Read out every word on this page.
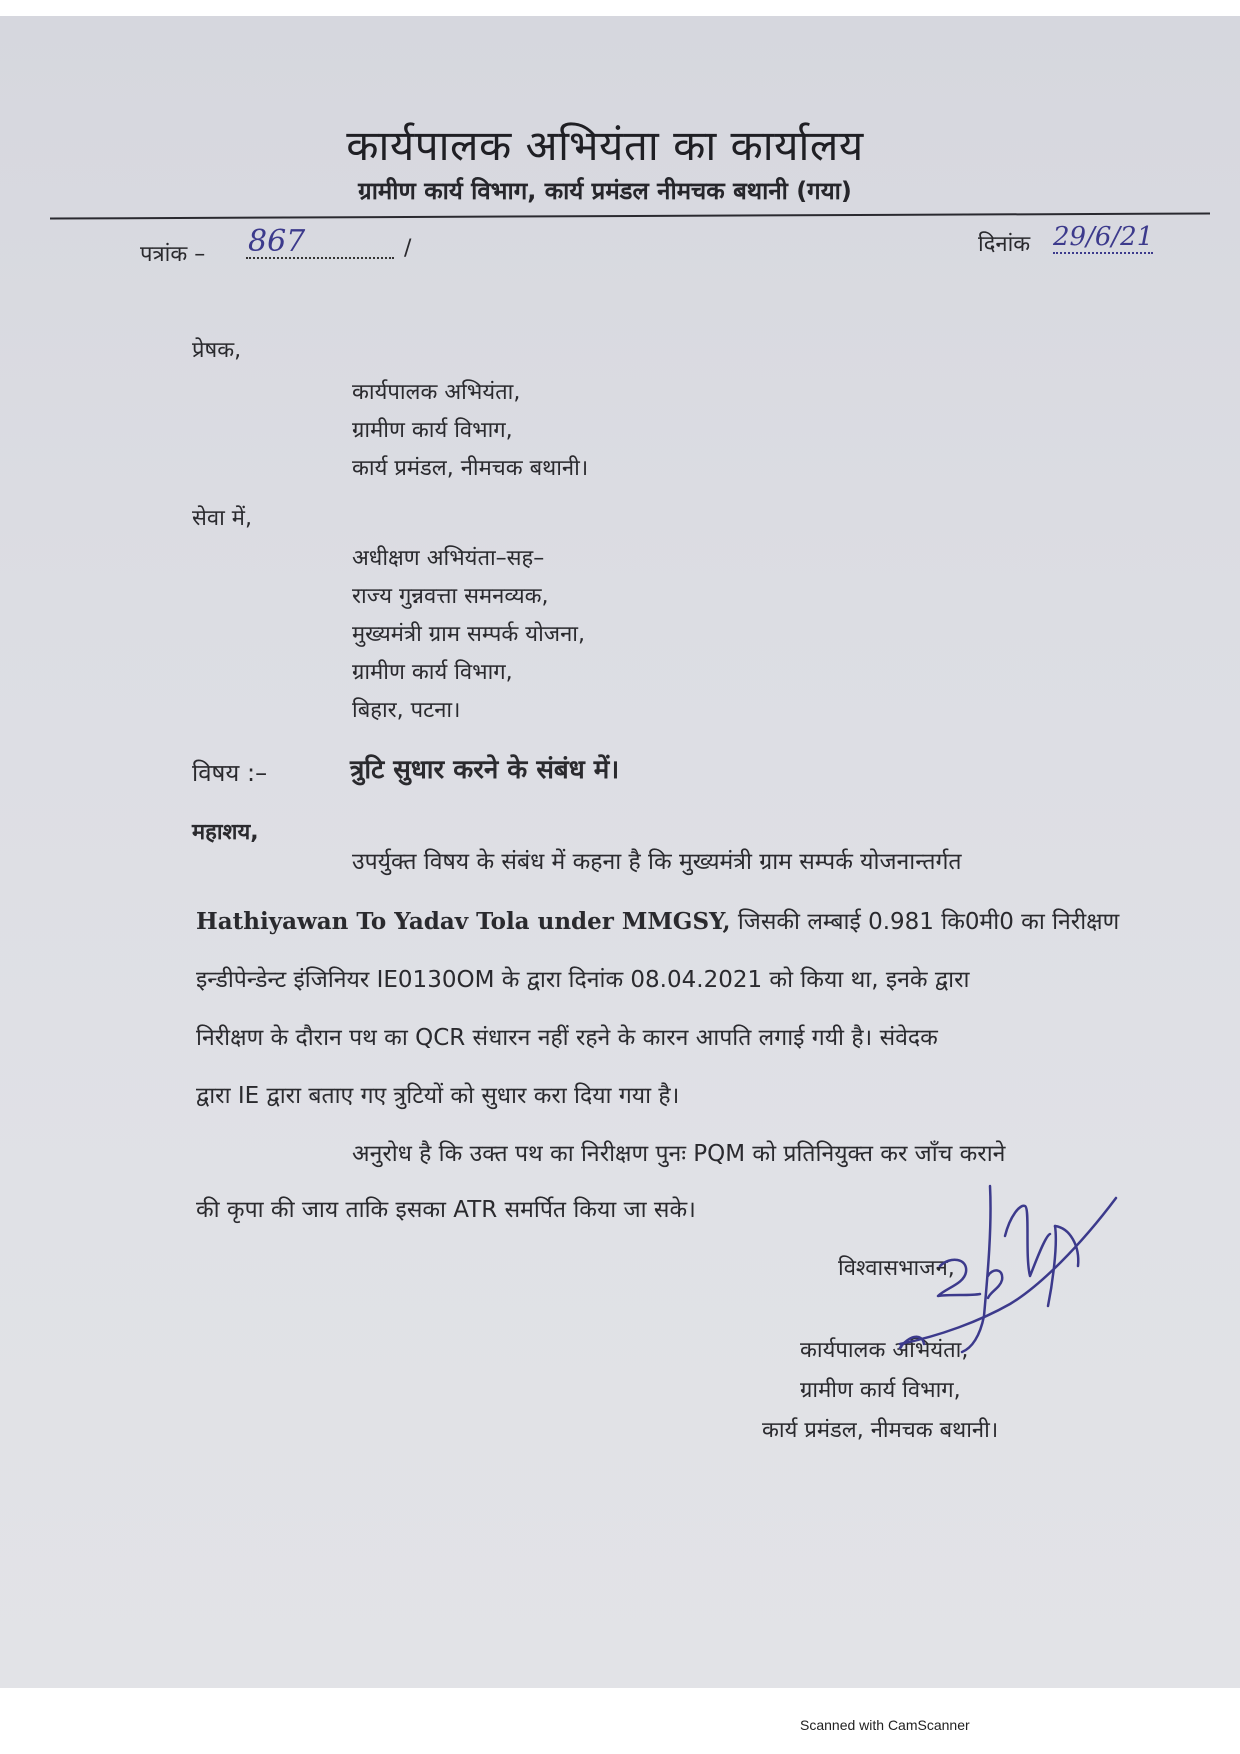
कार्यपालक अभियंता का कार्यालय
ग्रामीण कार्य विभाग, कार्य प्रमंडल नीमचक बथानी (गया)
पत्रांक – 867	/	दिनांक 29/6/21
प्रेषक,
कार्यपालक अभियंता,
ग्रामीण कार्य विभाग,
कार्य प्रमंडल, नीमचक बथानी।
सेवा में,
अधीक्षण अभियंता–सह–
राज्य गुन्नवत्ता समनव्यक,
मुख्यमंत्री ग्राम सम्पर्क योजना,
ग्रामीण कार्य विभाग,
बिहार, पटना।
विषय :–	त्रुटि सुधार करने के संबंध में।
महाशय,
उपर्युक्त विषय के संबंध में कहना है कि मुख्यमंत्री ग्राम सम्पर्क योजनान्तर्गत
Hathiyawan To Yadav Tola under MMGSY, जिसकी लम्बाई 0.981 कि0मी0 का निरीक्षण
इन्डीपेन्डेन्ट इंजिनियर IE0130OM के द्वारा दिनांक 08.04.2021 को किया था, इनके द्वारा
निरीक्षण के दौरान पथ का QCR संधारन नहीं रहने के कारन आपति लगाई गयी है। संवेदक
द्वारा IE द्वारा बताए गए त्रुटियों को सुधार करा दिया गया है।
अनुरोध है कि उक्त पथ का निरीक्षण पुनः PQM को प्रतिनियुक्त कर जाँच कराने
की कृपा की जाय ताकि इसका ATR समर्पित किया जा सके।
विश्वासभाजन,
कार्यपालक अभियंता,
ग्रामीण कार्य विभाग,
कार्य प्रमंडल, नीमचक बथानी।
Scanned with CamScanner
